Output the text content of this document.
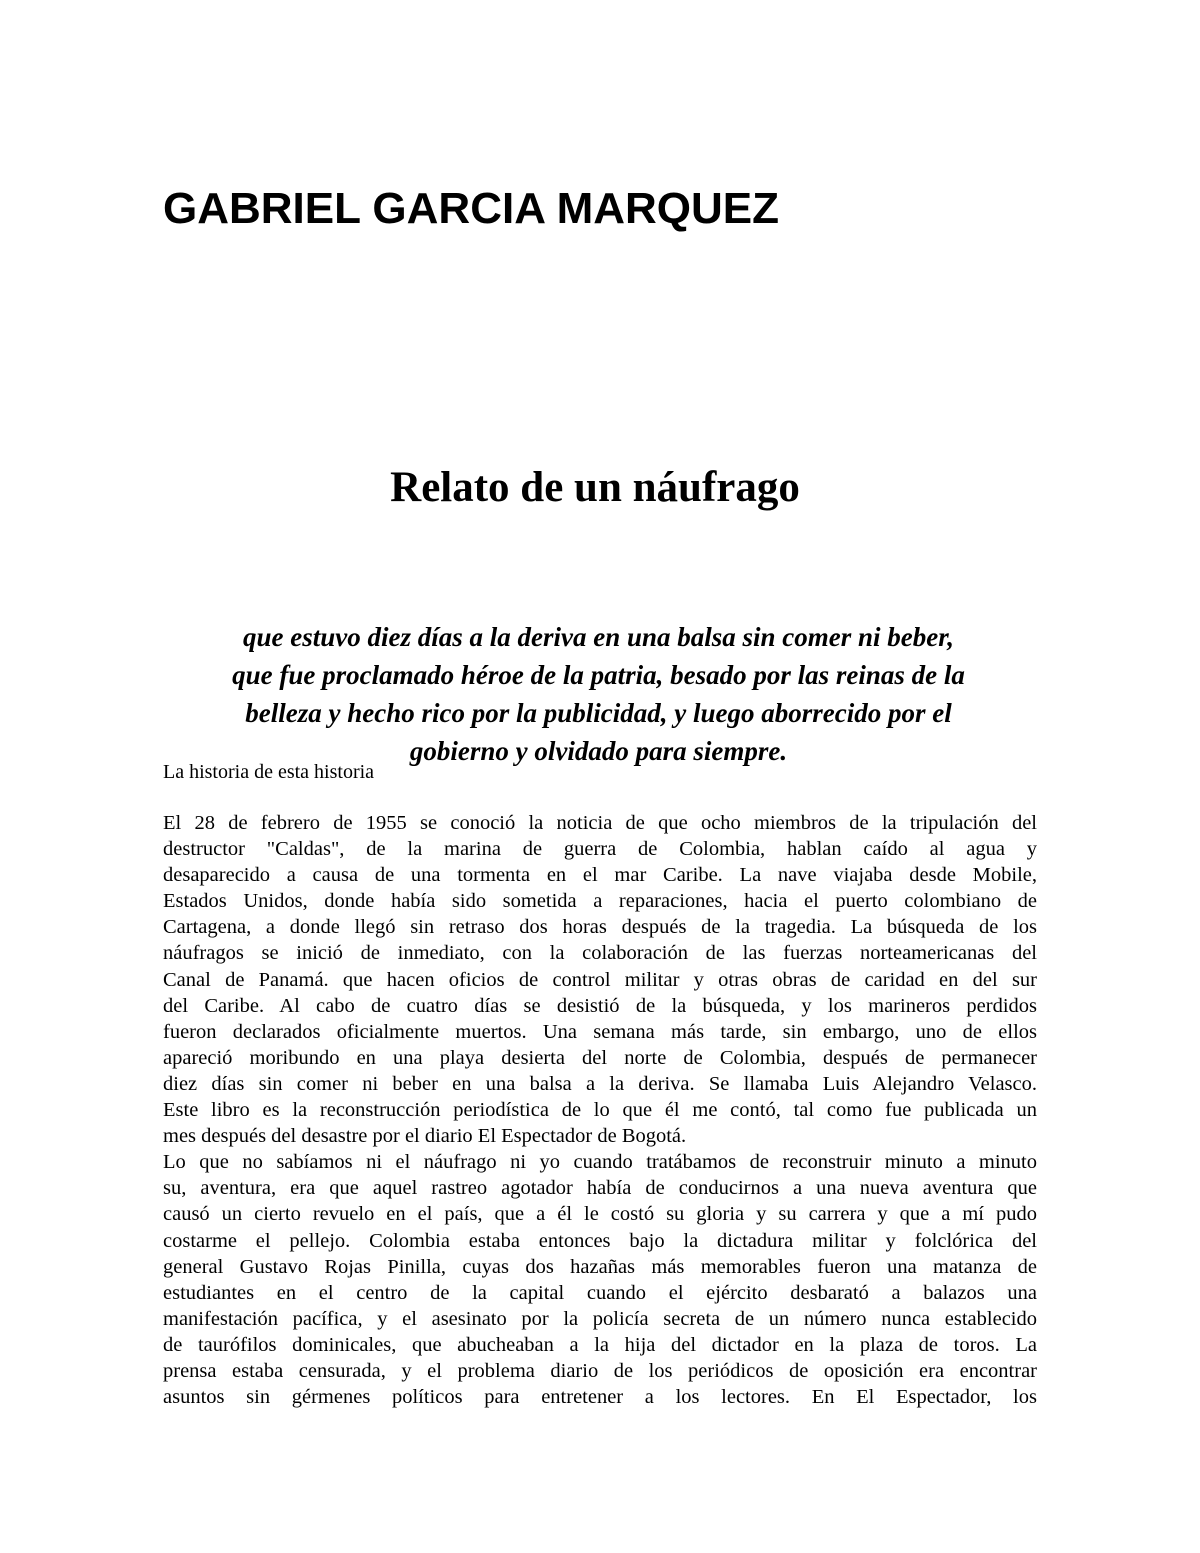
GABRIEL GARCIA MARQUEZ
Relato de un náufrago
que estuvo diez días a la deriva en una balsa sin comer ni beber,
que fue proclamado héroe de la patria, besado por las reinas de la
belleza y hecho rico por la publicidad, y luego aborrecido por el
gobierno y olvidado para siempre.
La historia de esta historia
El 28 de febrero de 1955 se conoció la noticia de que ocho miembros de la tripulación del
destructor "Caldas", de la marina de guerra de Colombia, hablan caído al agua y
desaparecido a causa de una tormenta en el mar Caribe. La nave viajaba desde Mobile,
Estados Unidos, donde había sido sometida a reparaciones, hacia el puerto colombiano de
Cartagena, a donde llegó sin retraso dos horas después de la tragedia. La búsqueda de los
náufragos se inició de inmediato, con la colaboración de las fuerzas norteamericanas del
Canal de Panamá. que hacen oficios de control militar y otras obras de caridad en del sur
del Caribe. Al cabo de cuatro días se desistió de la búsqueda, y los marineros perdidos
fueron declarados oficialmente muertos. Una semana más tarde, sin embargo, uno de ellos
apareció moribundo en una playa desierta del norte de Colombia, después de permanecer
diez días sin comer ni beber en una balsa a la deriva. Se llamaba Luis Alejandro Velasco.
Este libro es la reconstrucción periodística de lo que él me contó, tal como fue publicada un
mes después del desastre por el diario El Espectador de Bogotá.
Lo que no sabíamos ni el náufrago ni yo cuando tratábamos de reconstruir minuto a minuto
su, aventura, era que aquel rastreo agotador había de conducirnos a una nueva aventura que
causó un cierto revuelo en el país, que a él le costó su gloria y su carrera y que a mí pudo
costarme el pellejo. Colombia estaba entonces bajo la dictadura militar y folclórica del
general Gustavo Rojas Pinilla, cuyas dos hazañas más memorables fueron una matanza de
estudiantes en el centro de la capital cuando el ejército desbarató a balazos una
manifestación pacífica, y el asesinato por la policía secreta de un número nunca establecido
de taurófilos dominicales, que abucheaban a la hija del dictador en la plaza de toros. La
prensa estaba censurada, y el problema diario de los periódicos de oposición era encontrar
asuntos sin gérmenes políticos para entretener a los lectores. En El Espectador, los
